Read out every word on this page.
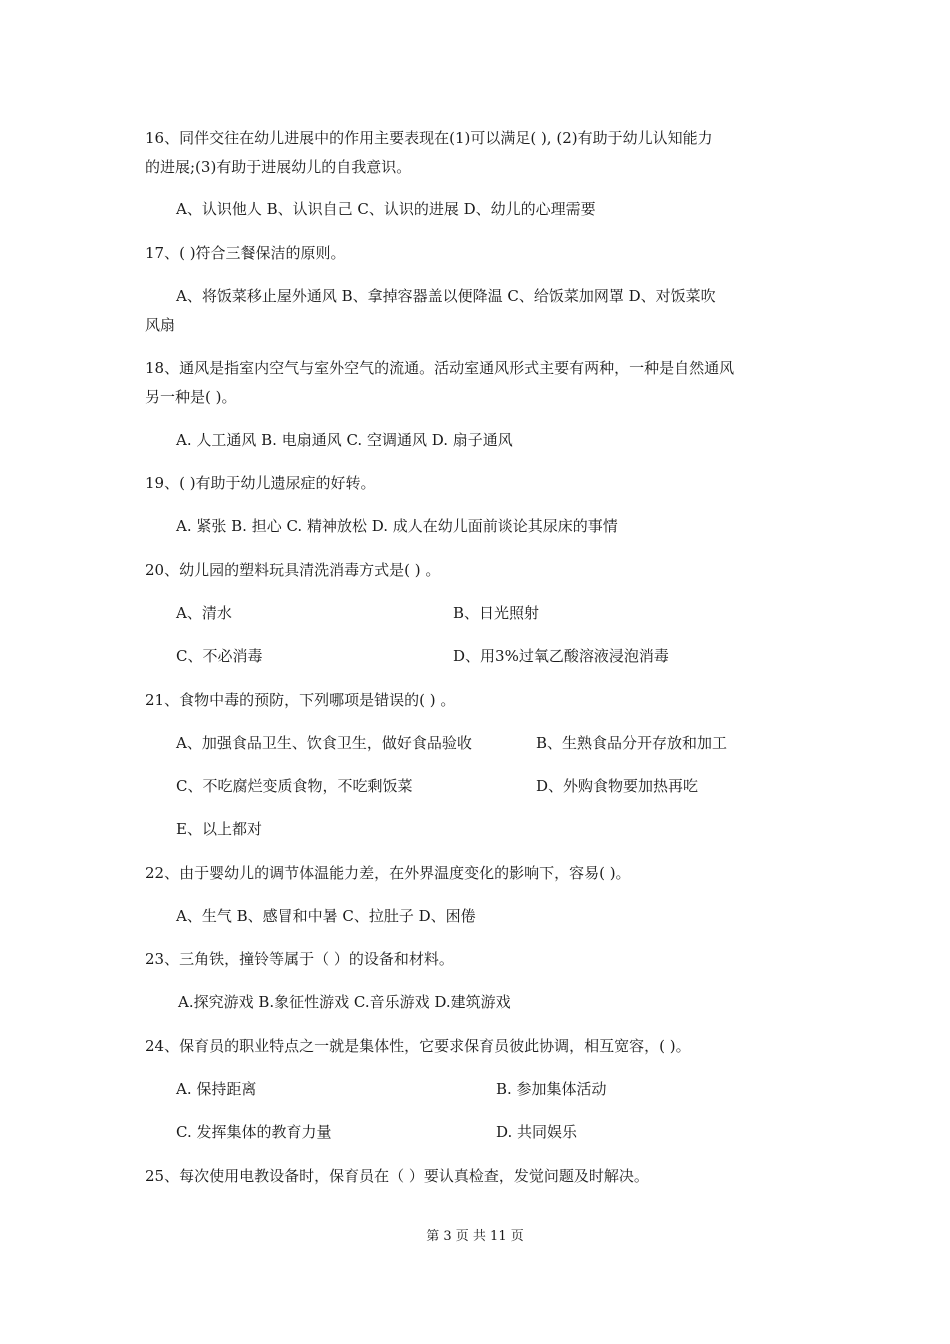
16、同伴交往在幼儿进展中的作用主要表现在(1)可以满足( ), (2)有助于幼儿认知能力
的进展;(3)有助于进展幼儿的自我意识。
A、认识他人 B、认识自己 C、认识的进展 D、幼儿的心理需要
17、( )符合三餐保洁的原则。
A、将饭菜移止屋外通风 B、拿掉容器盖以便降温 C、给饭菜加网罩 D、对饭菜吹
风扇
18、通风是指室内空气与室外空气的流通。活动室通风形式主要有两种，一种是自然通风
另一种是( )。
A. 人工通风 B. 电扇通风 C. 空调通风 D. 扇子通风
19、( )有助于幼儿遗尿症的好转。
A. 紧张 B. 担心 C. 精神放松 D. 成人在幼儿面前谈论其尿床的事情
20、幼儿园的塑料玩具清洗消毒方式是( ) 。
A、清水	B、日光照射
C、不必消毒	D、用3%过氧乙酸溶液浸泡消毒
21、食物中毒的预防，下列哪项是错误的( ) 。
A、加强食品卫生、饮食卫生，做好食品验收	B、生熟食品分开存放和加工
C、不吃腐烂变质食物，不吃剩饭菜	D、外购食物要加热再吃
E、以上都对
22、由于婴幼儿的调节体温能力差，在外界温度变化的影响下，容易( )。
A、生气 B、感冒和中暑 C、拉肚子 D、困倦
23、三角铁，撞铃等属于（ ）的设备和材料。
A.探究游戏 B.象征性游戏 C.音乐游戏 D.建筑游戏
24、保育员的职业特点之一就是集体性，它要求保育员彼此协调，相互宽容，( )。
A. 保持距离	B. 参加集体活动
C. 发挥集体的教育力量	D. 共同娱乐
25、每次使用电教设备时，保育员在（ ）要认真检查，发觉问题及时解决。
第 3 页 共 11 页
